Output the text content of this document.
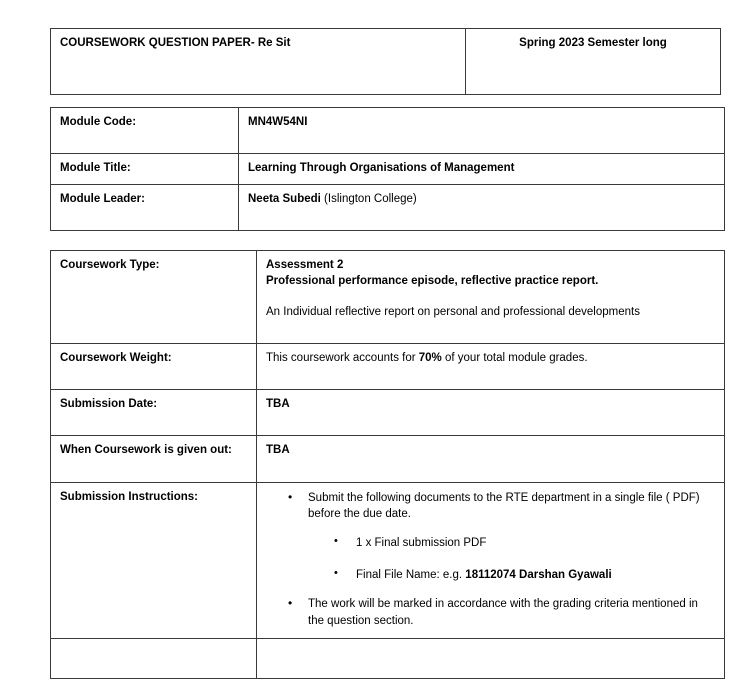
COURSEWORK QUESTION PAPER- Re Sit	Spring 2023 Semester long
Module Code:	MN4W54NI
Module Title:	Learning Through Organisations of Management
Module Leader:	Neeta Subedi (Islington College)
Coursework Type:	Assessment 2
Professional performance episode, reflective practice report.
An Individual reflective report on personal and professional developments

Coursework Weight:	This coursework accounts for 70% of your total module grades.
Submission Date:	TBA
When Coursework is given out:	TBA
Submission Instructions:	
•Submit the following documents to the RTE department in a single file ( PDF) before the due date.
• 1 x Final submission PDF
• Final File Name: e.g. 18112074 Darshan Gyawali
• The work will be marked in accordance with the grading criteria mentioned in the question section.
